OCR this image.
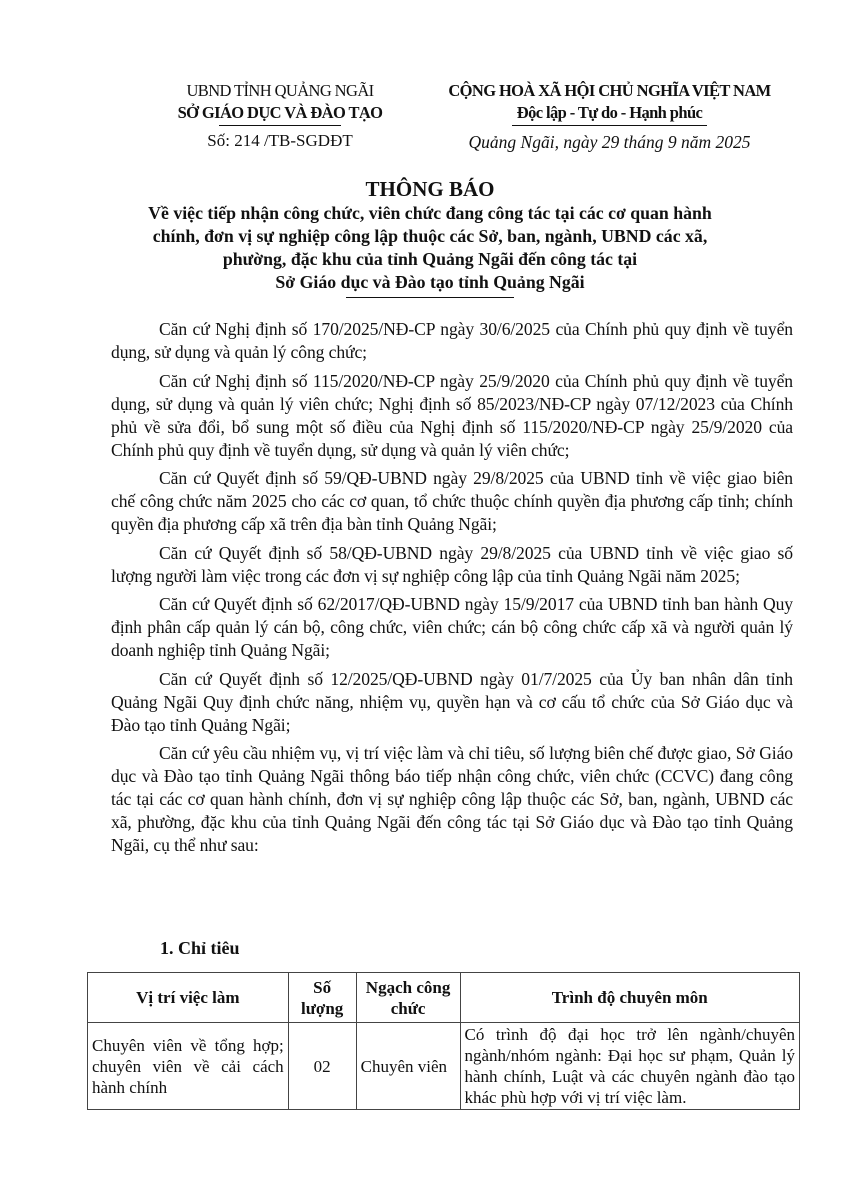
UBND TỈNH QUẢNG NGÃI
SỞ GIÁO DỤC VÀ ĐÀO TẠO
Số: 214 /TB-SGDĐT
CỘNG HOÀ XÃ HỘI CHỦ NGHĨA VIỆT NAM
Độc lập - Tự do - Hạnh phúc
Quảng Ngãi, ngày 29 tháng 9 năm 2025
THÔNG BÁO
Về việc tiếp nhận công chức, viên chức đang công tác tại các cơ quan hành
chính, đơn vị sự nghiệp công lập thuộc các Sở, ban, ngành, UBND các xã,
phường, đặc khu của tỉnh Quảng Ngãi đến công tác tại
Sở Giáo dục và Đào tạo tỉnh Quảng Ngãi

Căn cứ Nghị định số 170/2025/NĐ-CP ngày 30/6/2025 của Chính phủ quy định về tuyển dụng, sử dụng và quản lý công chức;

Căn cứ Nghị định số 115/2020/NĐ-CP ngày 25/9/2020 của Chính phủ quy định về tuyển dụng, sử dụng và quản lý viên chức; Nghị định số 85/2023/NĐ-CP ngày 07/12/2023 của Chính phủ về sửa đổi, bổ sung một số điều của Nghị định số 115/2020/NĐ-CP ngày 25/9/2020 của Chính phủ quy định về tuyển dụng, sử dụng và quản lý viên chức;

Căn cứ Quyết định số 59/QĐ-UBND ngày 29/8/2025 của UBND tỉnh về việc giao biên chế công chức năm 2025 cho các cơ quan, tổ chức thuộc chính quyền địa phương cấp tỉnh; chính quyền địa phương cấp xã trên địa bàn tỉnh Quảng Ngãi;

Căn cứ Quyết định số 58/QĐ-UBND ngày 29/8/2025 của UBND tỉnh về việc giao số lượng người làm việc trong các đơn vị sự nghiệp công lập của tỉnh Quảng Ngãi năm 2025;

Căn cứ Quyết định số 62/2017/QĐ-UBND ngày 15/9/2017 của UBND tỉnh ban hành Quy định phân cấp quản lý cán bộ, công chức, viên chức; cán bộ công chức cấp xã và người quản lý doanh nghiệp tỉnh Quảng Ngãi;

Căn cứ Quyết định số 12/2025/QĐ-UBND ngày 01/7/2025 của Ủy ban nhân dân tỉnh Quảng Ngãi Quy định chức năng, nhiệm vụ, quyền hạn và cơ cấu tổ chức của Sở Giáo dục và Đào tạo tỉnh Quảng Ngãi;

Căn cứ yêu cầu nhiệm vụ, vị trí việc làm và chỉ tiêu, số lượng biên chế được giao, Sở Giáo dục và Đào tạo tỉnh Quảng Ngãi thông báo tiếp nhận công chức, viên chức (CCVC) đang công tác tại các cơ quan hành chính, đơn vị sự nghiệp công lập thuộc các Sở, ban, ngành, UBND các xã, phường, đặc khu của tỉnh Quảng Ngãi đến công tác tại Sở Giáo dục và Đào tạo tỉnh Quảng Ngãi, cụ thể như sau:

1. Chỉ tiêu
Vị trí việc làm	Số lượng	Ngạch công chức	Trình độ chuyên môn
Chuyên viên về tổng hợp; chuyên viên về cải cách hành chính	02	Chuyên viên	Có trình độ đại học trở lên ngành/chuyên ngành/nhóm ngành: Đại học sư phạm, Quản lý hành chính, Luật và các chuyên ngành đào tạo khác phù hợp với vị trí việc làm.
